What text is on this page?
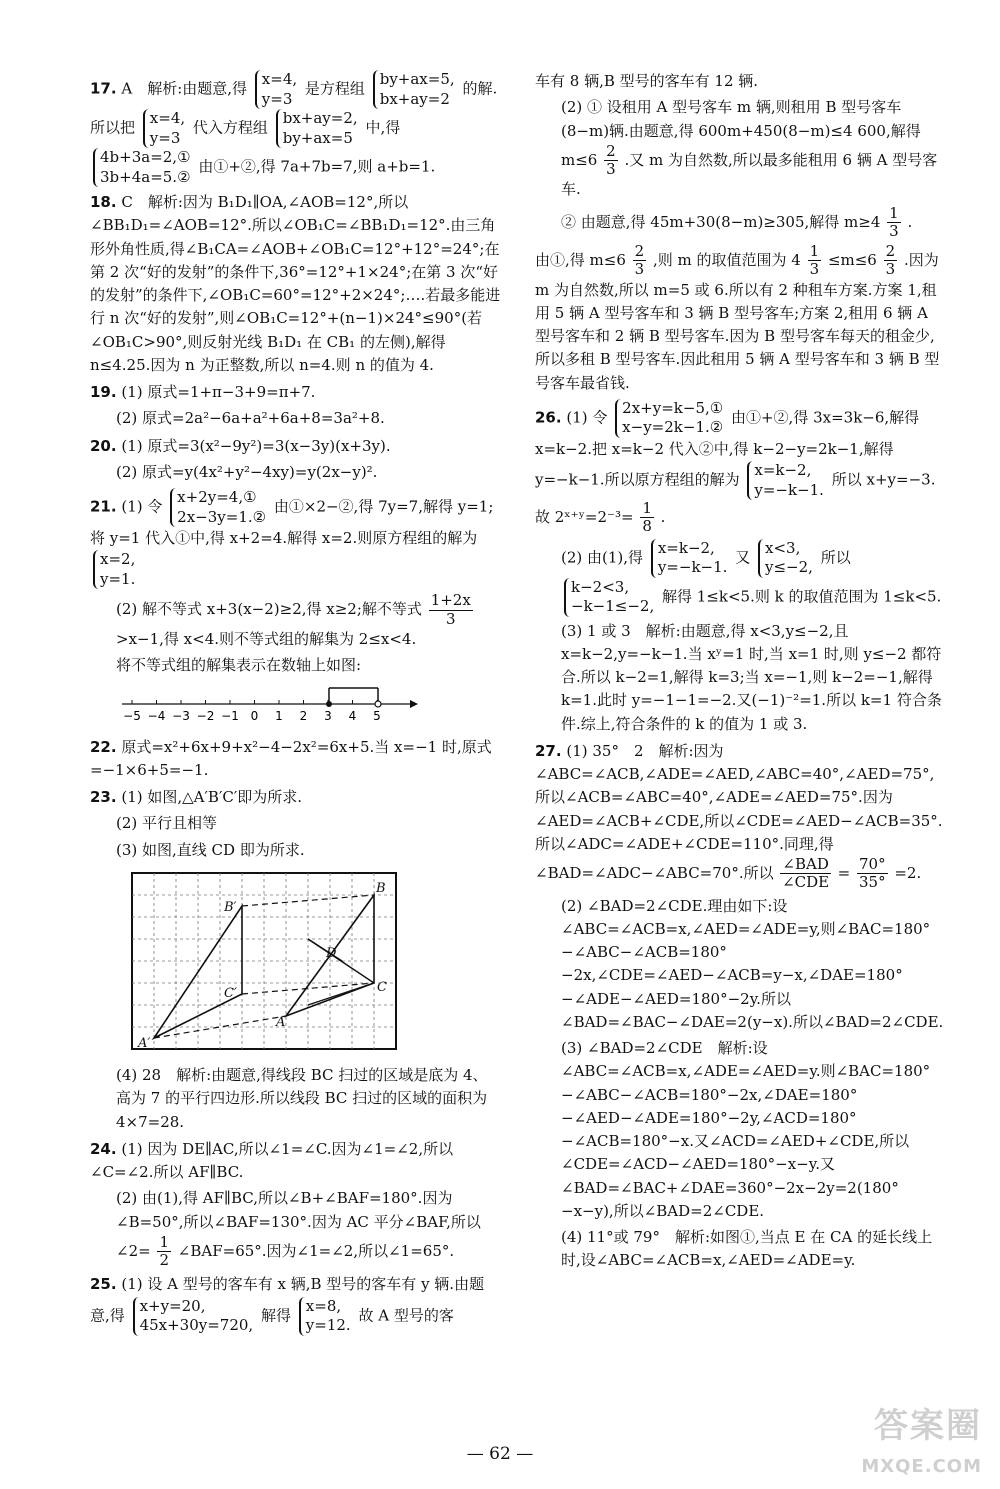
17. A　解析:由题意,得
x=4,
y=3
是方程组
by+ax=5,
bx+ay=2
的解.所以把
x=4,
y=3
代入方程组
bx+ay=2,
by+ax=5
中,得
4b+3a=2,①
3b+4a=5.②
由①+②,得 7a+7b=7,则 a+b=1.
18. C　解析:因为 B₁D₁∥OA,∠AOB=12°,所以∠BB₁D₁=∠AOB=12°.所以∠OB₁C=∠BB₁D₁=12°.由三角形外角性质,得∠B₁CA=∠AOB+∠OB₁C=12°+12°=24°;在第 2 次“好的发射”的条件下,36°=12°+1×24°;在第 3 次“好的发射”的条件下,∠OB₁C=60°=12°+2×24°;….若最多能进行 n 次“好的发射”,则∠OB₁C=12°+(n−1)×24°≤90°(若∠OB₁C>90°,则反射光线 B₁D₁ 在 CB₁ 的左侧),解得 n≤4.25.因为 n 为正整数,所以 n=4.则 n 的值为 4.
19. (1) 原式=1+π−3+9=π+7.
(2) 原式=2a²−6a+a²+6a+8=3a²+8.
20. (1) 原式=3(x²−9y²)=3(x−3y)(x+3y).
(2) 原式=y(4x²+y²−4xy)=y(2x−y)².
21. (1) 令
x+2y=4,①
2x−3y=1.②
由①×2−②,得 7y=7,解得 y=1;将 y=1 代入①中,得 x+2=4.解得 x=2.则原方程组的解为
x=2,
y=1.
(2) 解不等式 x+3(x−2)≥2,得 x≥2;解不等式 $\frac{1+2x}{3}$
>x−1,得 x<4.则不等式组的解集为 2≤x<4.
将不等式组的解集表示在数轴上如图:
−5 −4 −3 −2 −1 0 1 2 3 4 5
22. 原式=x²+6x+9+x²−4−2x²=6x+5.当 x=−1 时,原式=−1×6+5=−1.
23. (1) 如图,△A′B′C′即为所求.
(2) 平行且相等
(3) 如图,直线 CD 即为所求.
B′
B
D
C′	C
A
A′
(4) 28　解析:由题意,得线段 BC 扫过的区域是底为 4、高为 7 的平行四边形.所以线段 BC 扫过的区域的面积为 4×7=28.
24. (1) 因为 DE∥AC,所以∠1=∠C.因为∠1=∠2,所以∠C=∠2.所以 AF∥BC.
(2) 由(1),得 AF∥BC,所以∠B+∠BAF=180°.因为∠B=50°,所以∠BAF=130°.因为 AC 平分∠BAF,所以∠2= $\frac{1}{2}$ ∠BAF=65°.因为∠1=∠2,所以∠1=65°.
25. (1) 设 A 型号的客车有 x 辆,B 型号的客车有 y 辆.由题意,得
x+y=20,
45x+30y=720,
解得
x=8,
y=12.
故 A 型号的客
车有 8 辆,B 型号的客车有 12 辆.
(2) ① 设租用 A 型号客车 m 辆,则租用 B 型号客车(8−m)辆.由题意,得 600m+450(8−m)≤4 600,解得 $m\le 6 \frac{2}{3}$ .又 m 为自然数,所以最多能租用 6 辆 A 型号客车.
② 由题意,得 45m+30(8−m)≥305,解得 $m\ge 4 \frac{1}{3}$ .
由①,得 $m\le 6 \frac{2}{3}$ ,则 m 的取值范围为 $4 \frac{1}{3} \le m\le 6 \frac{2}{3}$ .因为 m 为自然数,所以 m=5 或 6.所以有 2 种租车方案.方案 1,租用 5 辆 A 型号客车和 3 辆 B 型号客车;方案 2,租用 6 辆 A 型号客车和 2 辆 B 型号客车.因为 B 型号客车每天的租金少,所以多租 B 型号客车.因此租用 5 辆 A 型号客车和 3 辆 B 型号客车最省钱.
26. (1) 令
2x+y=k−5,①
x−y=2k−1.②
由①+②,得 3x=3k−6,解得 x=k−2.把 x=k−2 代入②中,得 k−2−y=2k−1,解得 y=−k−1.所以原方程组的解为
x=k−2,
y=−k−1.
所以 x+y=−3.故 2ˣ⁺ʸ=2⁻³= $\frac{1}{8}$ .
(2) 由(1),得
x=k−2,
y=−k−1.
又
x<3,
y≤−2,
所以
k−2<3,
−k−1≤−2,
解得 1≤k<5.则 k 的取值范围为 1≤k<5.
(3) 1 或 3　解析:由题意,得 x<3,y≤−2,且 x=k−2,y=−k−1.当 xʸ=1 时,当 x=1 时,则 y≤−2 都符合.所以 k−2=1,解得 k=3;当 x=−1,则 k−2=−1,解得 k=1.此时 y=−1−1=−2.又(−1)⁻²=1.所以 k=1 符合条件.综上,符合条件的 k 的值为 1 或 3.
27. (1) 35°　2　解析:因为∠ABC=∠ACB,∠ADE=∠AED,∠ABC=40°,∠AED=75°,所以∠ACB=∠ABC=40°,∠ADE=∠AED=75°.因为∠AED=∠ACB+∠CDE,所以∠CDE=∠AED−∠ACB=35°.所以∠ADC=∠ADE+∠CDE=110°.同理,得∠BAD=∠ADC−∠ABC=70°.所以 $\frac{\text{∠BAD}}{\text{∠CDE}} = \frac{70^\circ}{35^\circ} =2$.
(2) ∠BAD=2∠CDE.理由如下:设∠ABC=∠ACB=x,∠AED=∠ADE=y,则∠BAC=180°−∠ABC−∠ACB=180°−2x,∠CDE=∠AED−∠ACB=y−x,∠DAE=180°−∠ADE−∠AED=180°−2y.所以∠BAD=∠BAC−∠DAE=2(y−x).所以∠BAD=2∠CDE.
(3) ∠BAD=2∠CDE　解析:设∠ABC=∠ACB=x,∠ADE=∠AED=y.则∠BAC=180°−∠ABC−∠ACB=180°−2x,∠DAE=180°−∠AED−∠ADE=180°−2y,∠ACD=180°−∠ACB=180°−x.又∠ACD=∠AED+∠CDE,所以∠CDE=∠ACD−∠AED=180°−x−y.又∠BAD=∠BAC+∠DAE=360°−2x−2y=2(180°−x−y),所以∠BAD=2∠CDE.
(4) 11°或 79°　解析:如图①,当点 E 在 CA 的延长线上时,设∠ABC=∠ACB=x,∠AED=∠ADE=y.
— 62 —
答案圈
MXQE.COM
